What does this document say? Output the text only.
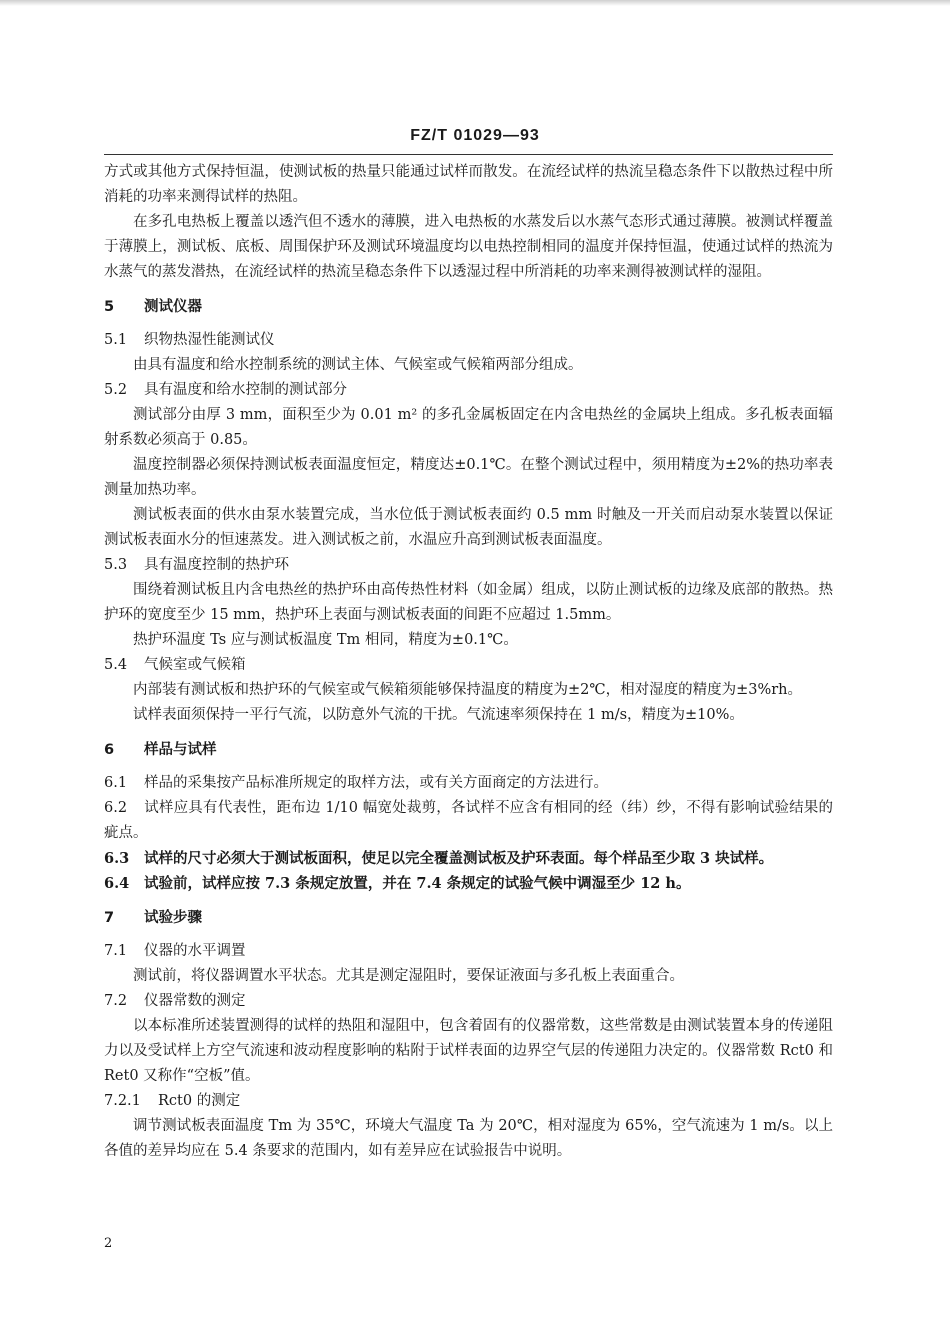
FZ/T 01029—93

方式或其他方式保持恒温，使测试板的热量只能通过试样而散发。在流经试样的热流呈稳态条件下以散热过程中所消耗的功率来测得试样的热阻。

在多孔电热板上覆盖以透汽但不透水的薄膜，进入电热板的水蒸发后以水蒸气态形式通过薄膜。被测试样覆盖于薄膜上，测试板、底板、周围保护环及测试环境温度均以电热控制相同的温度并保持恒温，使通过试样的热流为水蒸气的蒸发潜热，在流经试样的热流呈稳态条件下以透湿过程中所消耗的功率来测得被测试样的湿阻。

5 测试仪器

5.1 织物热湿性能测试仪

由具有温度和给水控制系统的测试主体、气候室或气候箱两部分组成。

5.2 具有温度和给水控制的测试部分

测试部分由厚 3 mm，面积至少为 0.01 m² 的多孔金属板固定在内含电热丝的金属块上组成。多孔板表面辐射系数必须高于 0.85。

温度控制器必须保持测试板表面温度恒定，精度达±0.1℃。在整个测试过程中，须用精度为±2%的热功率表测量加热功率。

测试板表面的供水由泵水装置完成，当水位低于测试板表面约 0.5 mm 时触及一开关而启动泵水装置以保证测试板表面水分的恒速蒸发。进入测试板之前，水温应升高到测试板表面温度。

5.3 具有温度控制的热护环

围绕着测试板且内含电热丝的热护环由高传热性材料（如金属）组成，以防止测试板的边缘及底部的散热。热护环的宽度至少 15 mm，热护环上表面与测试板表面的间距不应超过 1.5mm。

热护环温度 Ts 应与测试板温度 Tm 相同，精度为±0.1℃。

5.4 气候室或气候箱

内部装有测试板和热护环的气候室或气候箱须能够保持温度的精度为±2℃，相对湿度的精度为±3%rh。

试样表面须保持一平行气流，以防意外气流的干扰。气流速率须保持在 1 m/s，精度为±10%。

6 样品与试样

6.1 样品的采集按产品标准所规定的取样方法，或有关方面商定的方法进行。

6.2 试样应具有代表性，距布边 1/10 幅宽处裁剪，各试样不应含有相同的经（纬）纱，不得有影响试验结果的疵点。

6.3 试样的尺寸必须大于测试板面积，使足以完全覆盖测试板及护环表面。每个样品至少取 3 块试样。

6.4 试验前，试样应按 7.3 条规定放置，并在 7.4 条规定的试验气候中调湿至少 12 h。

7 试验步骤

7.1 仪器的水平调置

测试前，将仪器调置水平状态。尤其是测定湿阻时，要保证液面与多孔板上表面重合。

7.2 仪器常数的测定

以本标准所述装置测得的试样的热阻和湿阻中，包含着固有的仪器常数，这些常数是由测试装置本身的传递阻力以及受试样上方空气流速和波动程度影响的粘附于试样表面的边界空气层的传递阻力决定的。仪器常数 Rct0 和 Ret0 又称作“空板”值。

7.2.1 Rct0 的测定

调节测试板表面温度 Tm 为 35℃，环境大气温度 Ta 为 20℃，相对湿度为 65%，空气流速为 1 m/s。以上各值的差异均应在 5.4 条要求的范围内，如有差异应在试验报告中说明。

2
